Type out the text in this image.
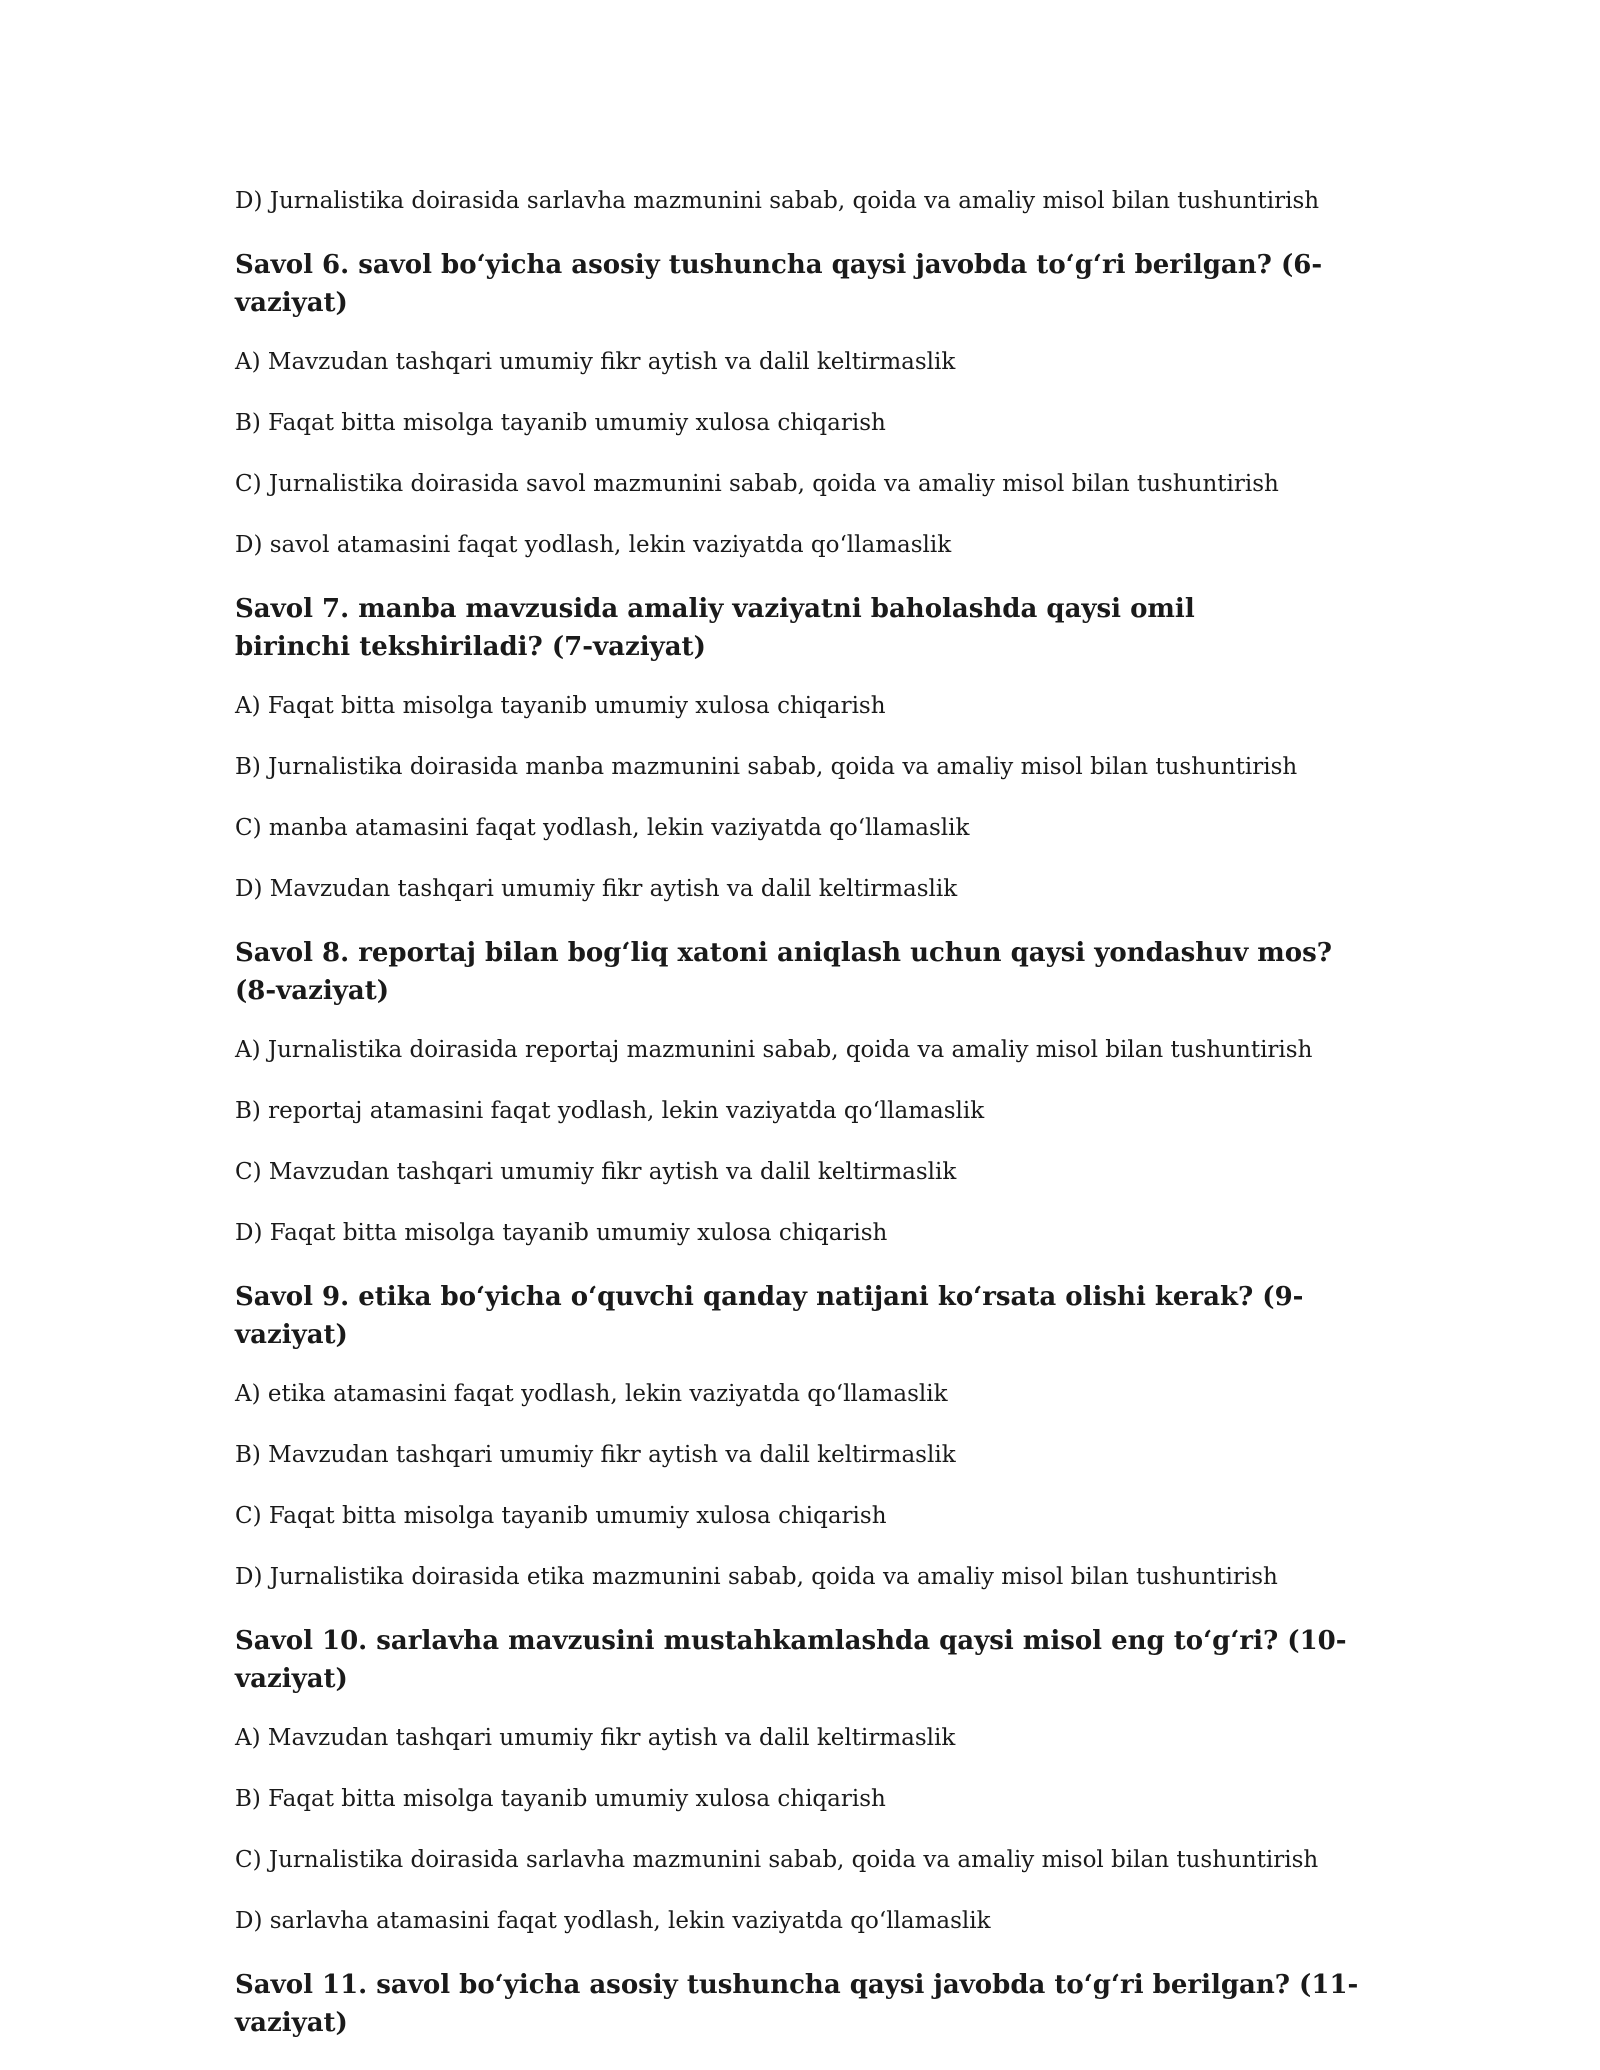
D) Jurnalistika doirasida sarlavha mazmunini sabab, qoida va amaliy misol bilan tushuntirish

Savol 6. savol bo‘yicha asosiy tushuncha qaysi javobda to‘g‘ri berilgan? (6-vaziyat)

A) Mavzudan tashqari umumiy fikr aytish va dalil keltirmaslik

B) Faqat bitta misolga tayanib umumiy xulosa chiqarish

C) Jurnalistika doirasida savol mazmunini sabab, qoida va amaliy misol bilan tushuntirish

D) savol atamasini faqat yodlash, lekin vaziyatda qo‘llamaslik

Savol 7. manba mavzusida amaliy vaziyatni baholashda qaysi omil birinchi tekshiriladi? (7-vaziyat)

A) Faqat bitta misolga tayanib umumiy xulosa chiqarish

B) Jurnalistika doirasida manba mazmunini sabab, qoida va amaliy misol bilan tushuntirish

C) manba atamasini faqat yodlash, lekin vaziyatda qo‘llamaslik

D) Mavzudan tashqari umumiy fikr aytish va dalil keltirmaslik

Savol 8. reportaj bilan bog‘liq xatoni aniqlash uchun qaysi yondashuv mos? (8-vaziyat)

A) Jurnalistika doirasida reportaj mazmunini sabab, qoida va amaliy misol bilan tushuntirish

B) reportaj atamasini faqat yodlash, lekin vaziyatda qo‘llamaslik

C) Mavzudan tashqari umumiy fikr aytish va dalil keltirmaslik

D) Faqat bitta misolga tayanib umumiy xulosa chiqarish

Savol 9. etika bo‘yicha o‘quvchi qanday natijani ko‘rsata olishi kerak? (9-vaziyat)

A) etika atamasini faqat yodlash, lekin vaziyatda qo‘llamaslik

B) Mavzudan tashqari umumiy fikr aytish va dalil keltirmaslik

C) Faqat bitta misolga tayanib umumiy xulosa chiqarish

D) Jurnalistika doirasida etika mazmunini sabab, qoida va amaliy misol bilan tushuntirish

Savol 10. sarlavha mavzusini mustahkamlashda qaysi misol eng to‘g‘ri? (10-vaziyat)

A) Mavzudan tashqari umumiy fikr aytish va dalil keltirmaslik

B) Faqat bitta misolga tayanib umumiy xulosa chiqarish

C) Jurnalistika doirasida sarlavha mazmunini sabab, qoida va amaliy misol bilan tushuntirish

D) sarlavha atamasini faqat yodlash, lekin vaziyatda qo‘llamaslik

Savol 11. savol bo‘yicha asosiy tushuncha qaysi javobda to‘g‘ri berilgan? (11-vaziyat)
